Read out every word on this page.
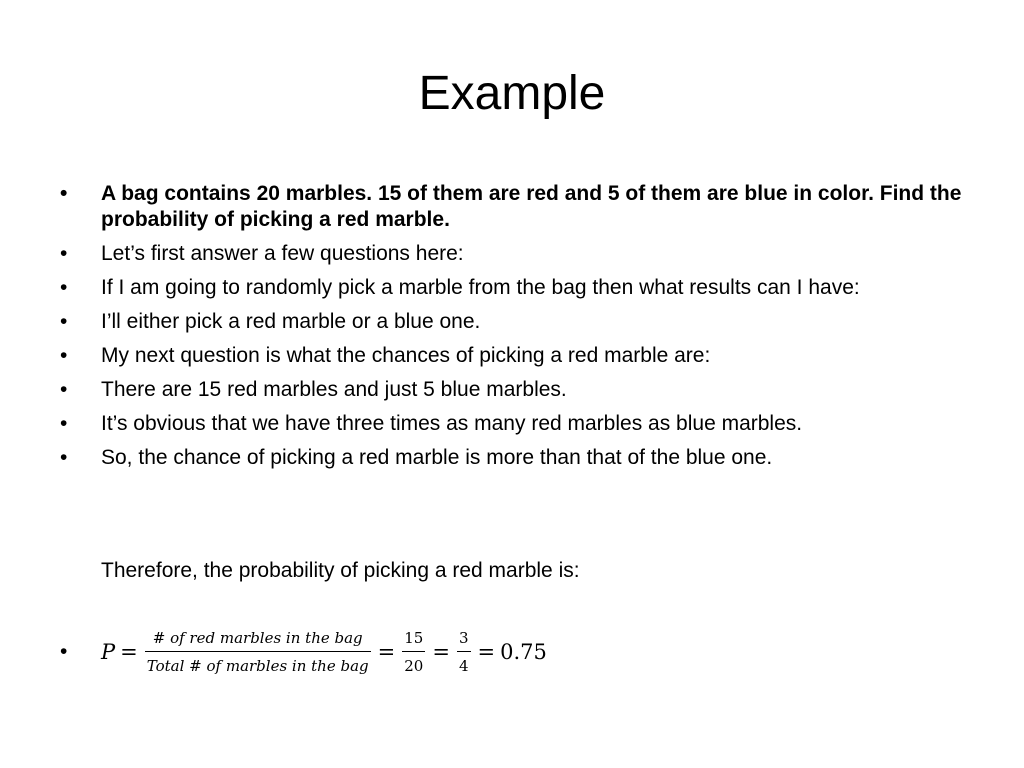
Example
•	A bag contains 20 marbles. 15 of them are red and 5 of them are blue in color. Find the probability of picking a red marble.
•	Let’s first answer a few questions here:
•	If I am going to randomly pick a marble from the bag then what results can I have:
•	I’ll either pick a red marble or a blue one.
•	My next question is what the chances of picking a red marble are:
•	There are 15 red marbles and just 5 blue marbles.
•	It’s obvious that we have three times as many red marbles as blue marbles.
•	So, the chance of picking a red marble is more than that of the blue one.
Therefore, the probability of picking a red marble is:
•	$P = \frac{\text{\# of red marbles in the bag}}{\text{Total \# of marbles in the bag}} = \frac{15}{20} = \frac{3}{4} = 0.75$
